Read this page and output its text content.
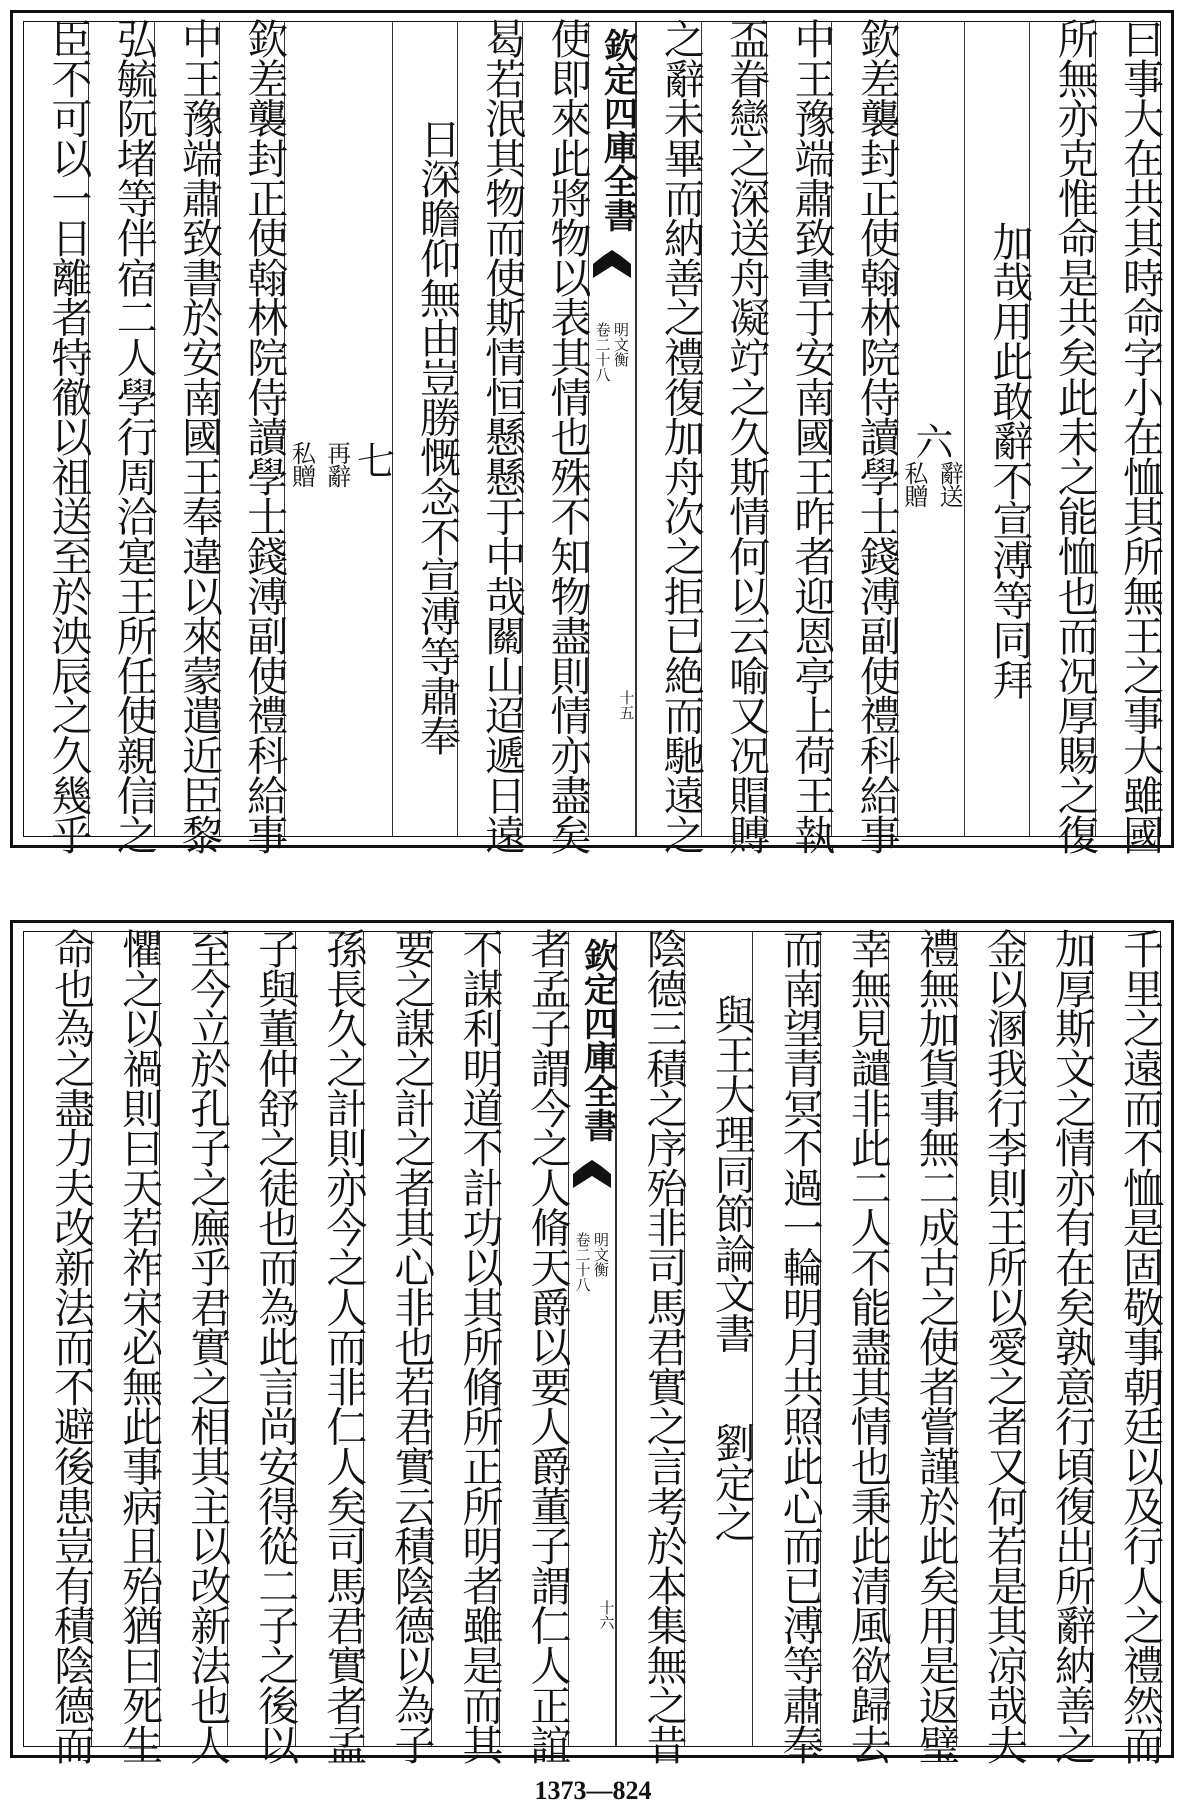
曰事大在共其時命字小在恤其所無王之事大雖國
所無亦克惟命是共矣此未之能恤也而况厚賜之復
加哉用此敢辭不宣溥等同拜
六
辭送
私贈
欽差襲封正使翰林院侍讀學士錢溥副使禮科給事
中王豫端肅致書于安南國王昨者迎恩亭上荷王執
盃眷戀之深送舟凝竚之久斯情何以云喻又况賵賻
之辭未畢而納善之禮復加舟次之拒已絶而馳遠之
欽定四庫全書
明文衡
卷二十八
十五
使即來此將物以表其情也殊不知物盡則情亦盡矣
曷若泯其物而使斯情恒懸懸于中哉關山迢遞日遠
日深瞻仰無由豈勝慨念不宣溥等肅奉
七
再辭
私贈
欽差襲封正使翰林院侍讀學士錢溥副使禮科給事
中王豫端肅致書於安南國王奉違以來蒙遣近臣黎
弘毓阮堵等伴宿二人學行周洽寔王所任使親信之
臣不可以一日離者特徹以祖送至於泱辰之久幾乎
千里之遠而不恤是固敬事朝廷以及行人之禮然而
加厚斯文之情亦有在矣孰意行頃復出所辭納善之
金以溷我行李則王所以愛之者又何若是其凉哉夫
禮無加貨事無二成古之使者嘗謹於此矣用是返璧
幸無見譴非此二人不能盡其情也秉此清風欲歸去
而南望青冥不過一輪明月共照此心而已溥等肅奉
與王大理同節論文書
劉定之
陰德三積之序殆非司馬君實之言考於本集無之昔
欽定四庫全書
明文衡
卷二十八
十六
者孟子謂今之人脩天爵以要人爵董子謂仁人正誼
不謀利明道不計功以其所脩所正所明者雖是而其
要之謀之計之者其心非也若君實云積陰德以為子
孫長久之計則亦今之人而非仁人矣司馬君實者孟
子與董仲舒之徒也而為此言尚安得從二子之後以
至今立於孔子之廡乎君實之相其主以改新法也人
懼之以禍則曰天若祚宋必無此事病且殆猶曰死生
命也為之盡力夫改新法而不避後患豈有積陰德而
1373—824
